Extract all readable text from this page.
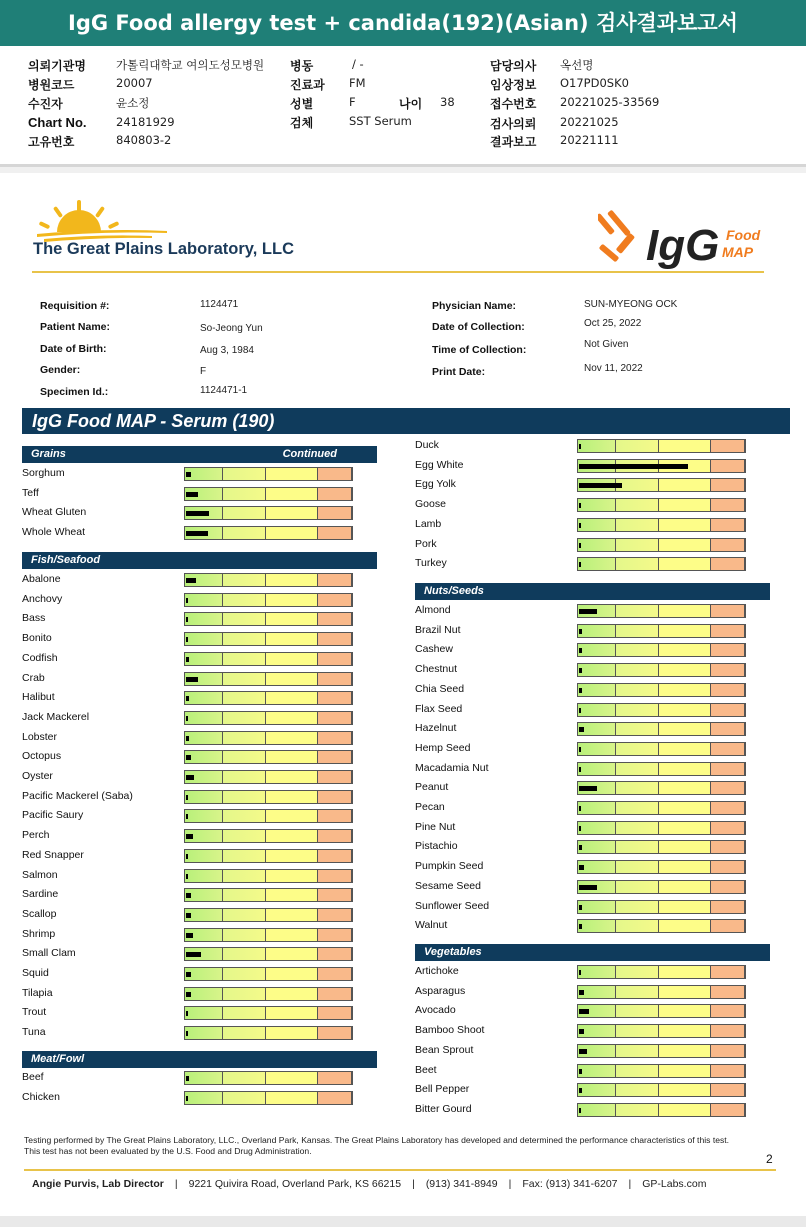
IgG Food allergy test + candida(192)(Asian) 검사결과보고서
의뢰기관명	가톨릭대학교 여의도성모병원
병원코드	20007
수진자	윤소정
Chart No.	24181929
고유번호	840803-2
병동	/ -
진료과 FM
성별	F	나이 38
검체	SST Serum
담당의사 옥선명
임상정보 O17PD0SK0
접수번호 20221025-33569
검사의뢰 20221025
결과보고 20221111
The Great Plains Laboratory, LLC	IgG Food
MAP
Requisition #:	1124471
Patient Name:	So-Jeong Yun
Date of Birth:	Aug 3, 1984
Gender:	F
Specimen Id.:	1124471-1
Physician Name:	SUN-MYEONG OCK
Date of Collection:	Oct 25, 2022
Time of Collection:	Not Given
Print Date:	Nov 11, 2022
IgG Food MAP - Serum (190)
Grains	Continued
Sorghum
Teff
Wheat Gluten
Whole Wheat
Fish/Seafood
Abalone
Anchovy
Bass
Bonito
Codfish
Crab
Halibut
Jack Mackerel
Lobster
Octopus
Oyster
Pacific Mackerel (Saba)
Pacific Saury
Perch
Red Snapper
Salmon
Sardine
Scallop
Shrimp
Small Clam
Squid
Tilapia
Trout
Tuna
Meat/Fowl
Beef
Chicken
Duck
Egg White
Egg Yolk
Goose
Lamb
Pork
Turkey
Nuts/Seeds
Almond
Brazil Nut
Cashew
Chestnut
Chia Seed
Flax Seed
Hazelnut
Hemp Seed
Macadamia Nut
Peanut
Pecan
Pine Nut
Pistachio
Pumpkin Seed
Sesame Seed
Sunflower Seed
Walnut
Vegetables
Artichoke
Asparagus
Avocado
Bamboo Shoot
Bean Sprout
Beet
Bell Pepper
Bitter Gourd
Testing performed by The Great Plains Laboratory, LLC., Overland Park, Kansas. The Great Plains Laboratory has developed and determined the performance characteristics of this test. This test has not been evaluated by the U.S. Food and Drug Administration.
2
Angie Purvis, Lab Director | 9221 Quivira Road, Overland Park, KS 66215 | (913) 341-8949 | Fax: (913) 341-6207 | GP-Labs.com
